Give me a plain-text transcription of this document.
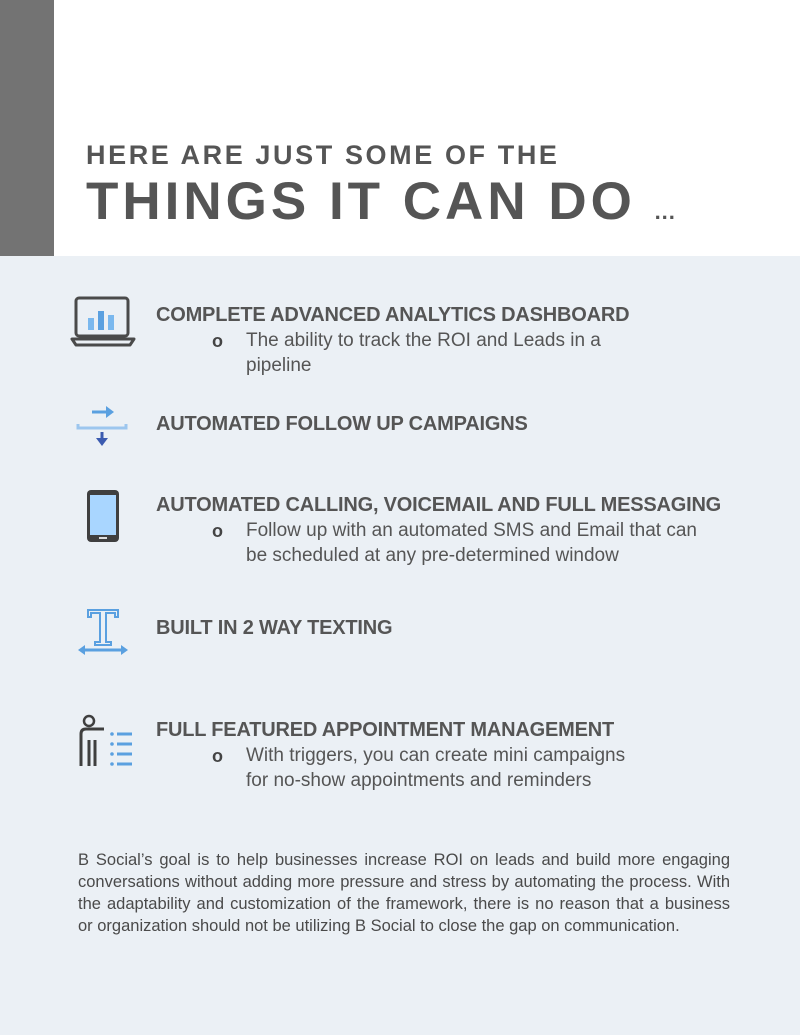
HERE ARE JUST SOME OF THE
THINGS IT CAN DO ...
COMPLETE ADVANCED ANALYTICS DASHBOARD
o The ability to track the ROI and Leads in a
pipeline
AUTOMATED FOLLOW UP CAMPAIGNS
AUTOMATED CALLING, VOICEMAIL AND FULL MESSAGING
o Follow up with an automated SMS and Email that can
be scheduled at any pre-determined window
BUILT IN 2 WAY TEXTING
FULL FEATURED APPOINTMENT MANAGEMENT
o With triggers, you can create mini campaigns
for no-show appointments and reminders
B Social’s goal is to help businesses increase ROI on leads and build more engaging conversations without adding more pressure and stress by automating the process. With the adaptability and customization of the framework, there is no reason that a business or organization should not be utilizing B Social to close the gap on communication.
